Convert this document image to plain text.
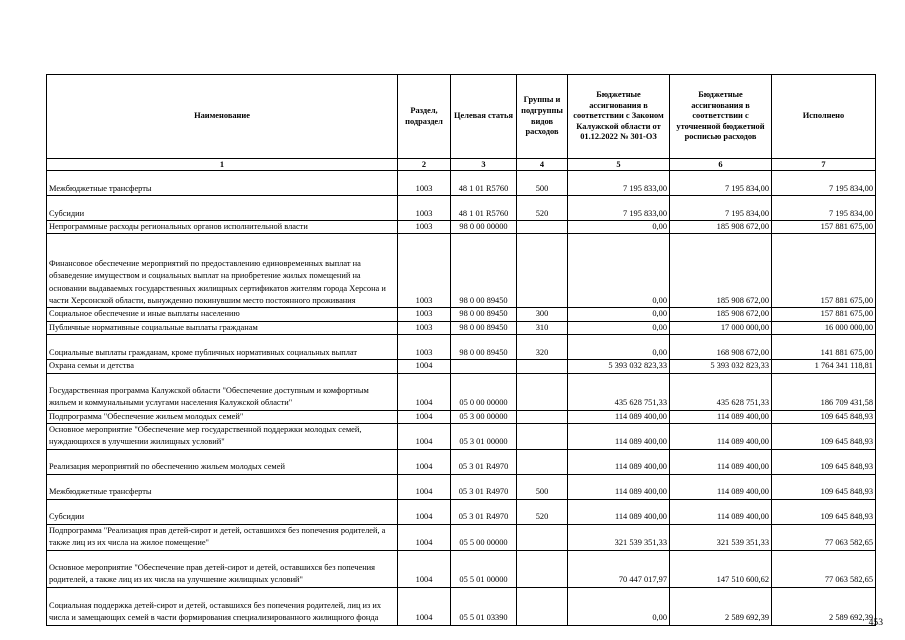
Наименование	Раздел, подраздел	Целевая статья	Группы и подгруппы видов расходов	Бюджетные ассигнования в соответствии с Законом Калужской области от 01.12.2022 № 301-ОЗ	Бюджетные ассигнования в соответствии с уточненной бюджетной росписью расходов	Исполнено
1	2	3	4	5	6	7
Межбюджетные трансферты	1003	48 1 01 R5760	500	7 195 833,00	7 195 834,00	7 195 834,00
Субсидии	1003	48 1 01 R5760	520	7 195 833,00	7 195 834,00	7 195 834,00
Непрограммные расходы региональных органов исполнительной власти	1003	98 0 00 00000		0,00	185 908 672,00	157 881 675,00
Финансовое обеспечение мероприятий по предоставлению единовременных выплат на обзаведение имуществом и социальных выплат на приобретение жилых помещений на основании выдаваемых государственных жилищных сертификатов жителям города Херсона и части Херсонской области, вынужденно покинувшим место постоянного проживания	1003	98 0 00 89450		0,00	185 908 672,00	157 881 675,00
Социальное обеспечение и иные выплаты населению	1003	98 0 00 89450	300	0,00	185 908 672,00	157 881 675,00
Публичные нормативные социальные выплаты гражданам	1003	98 0 00 89450	310	0,00	17 000 000,00	16 000 000,00
Социальные выплаты гражданам, кроме публичных нормативных социальных выплат	1003	98 0 00 89450	320	0,00	168 908 672,00	141 881 675,00
Охрана семьи и детства	1004			5 393 032 823,33	5 393 032 823,33	1 764 341 118,81
Государственная программа Калужской области "Обеспечение доступным и комфортным жильем и коммунальными услугами населения Калужской области"	1004	05 0 00 00000		435 628 751,33	435 628 751,33	186 709 431,58
Подпрограмма "Обеспечение жильем молодых семей"	1004	05 3 00 00000		114 089 400,00	114 089 400,00	109 645 848,93
Основное мероприятие "Обеспечение мер государственной поддержки молодых семей, нуждающихся в улучшении жилищных условий"	1004	05 3 01 00000		114 089 400,00	114 089 400,00	109 645 848,93
Реализация мероприятий по обеспечению жильем молодых семей	1004	05 3 01 R4970		114 089 400,00	114 089 400,00	109 645 848,93
Межбюджетные трансферты	1004	05 3 01 R4970	500	114 089 400,00	114 089 400,00	109 645 848,93
Субсидии	1004	05 3 01 R4970	520	114 089 400,00	114 089 400,00	109 645 848,93
Подпрограмма "Реализация прав детей-сирот и детей, оставшихся без попечения родителей, а также лиц из их числа на жилое помещение"	1004	05 5 00 00000		321 539 351,33	321 539 351,33	77 063 582,65
Основное мероприятие "Обеспечение прав детей-сирот и детей, оставшихся без попечения родителей, а также лиц из их числа на улучшение жилищных условий"	1004	05 5 01 00000		70 447 017,97	147 510 600,62	77 063 582,65
Социальная поддержка детей-сирот и детей, оставшихся без попечения родителей, лиц из их числа и замещающих семей в части формирования специализированного жилищного фонда	1004	05 5 01 03390		0,00	2 589 692,39	2 589 692,39
453
